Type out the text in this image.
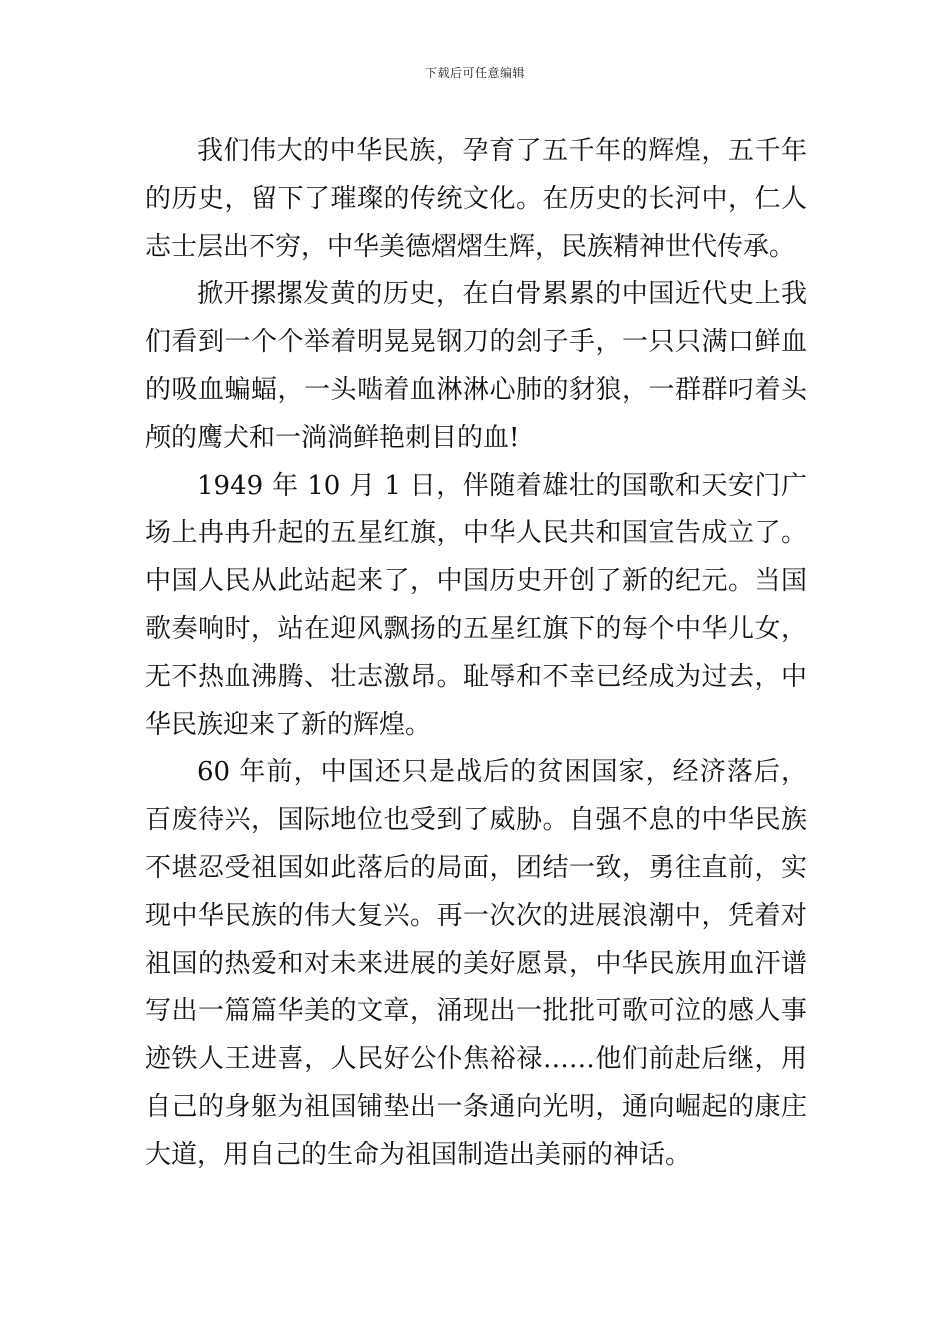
下载后可任意编辑

我们伟大的中华民族，孕育了五千年的辉煌，五千年的历史，留下了璀璨的传统文化。在历史的长河中，仁人志士层出不穷，中华美德熠熠生辉，民族精神世代传承。

掀开摞摞发黄的历史，在白骨累累的中国近代史上我们看到一个个举着明晃晃钢刀的刽子手，一只只满口鲜血的吸血蝙蝠，一头啮着血淋淋心肺的豺狼，一群群叼着头颅的鹰犬和一淌淌鲜艳刺目的血!

1949 年 10 月 1 日，伴随着雄壮的国歌和天安门广场上冉冉升起的五星红旗，中华人民共和国宣告成立了。中国人民从此站起来了，中国历史开创了新的纪元。当国歌奏响时，站在迎风飘扬的五星红旗下的每个中华儿女，无不热血沸腾、壮志激昂。耻辱和不幸已经成为过去，中华民族迎来了新的辉煌。

60 年前，中国还只是战后的贫困国家，经济落后，百废待兴，国际地位也受到了威胁。自强不息的中华民族不堪忍受祖国如此落后的局面，团结一致，勇往直前，实现中华民族的伟大复兴。再一次次的进展浪潮中，凭着对祖国的热爱和对未来进展的美好愿景，中华民族用血汗谱写出一篇篇华美的文章，涌现出一批批可歌可泣的感人事迹铁人王进喜，人民好公仆焦裕禄……他们前赴后继，用自己的身躯为祖国铺垫出一条通向光明，通向崛起的康庄大道，用自己的生命为祖国制造出美丽的神话。
